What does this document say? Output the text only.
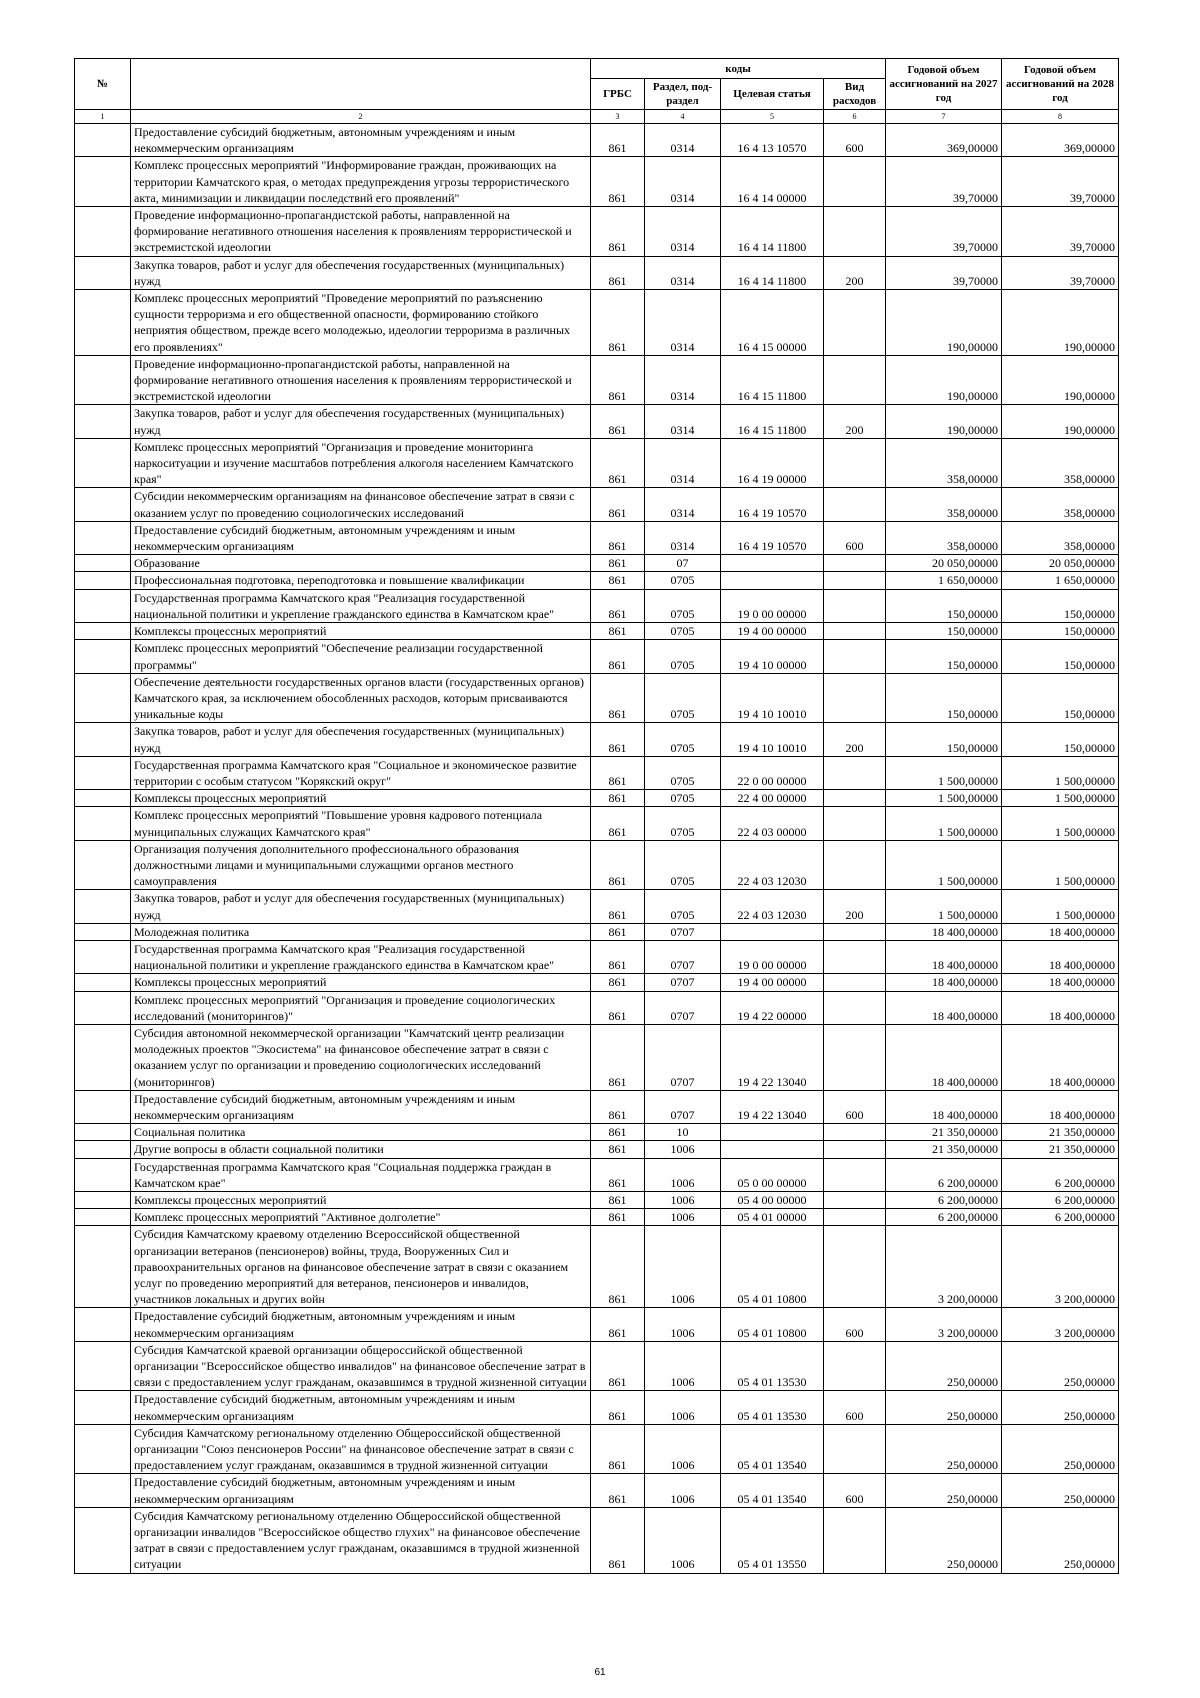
№		коды				Годовой объем ассигнований на 2027 год	Годовой объем ассигнований на 2028 год
		ГРБС	Раздел, под-раздел	Целевая статья	Вид расходов		
1	2	3	4	5	6	7	8
	Предоставление субсидий бюджетным, автономным учреждениям и иным некоммерческим организациям	861	0314	16 4 13 10570	600	369,00000	369,00000
	Комплекс процессных мероприятий "Информирование граждан, проживающих на территории Камчатского края, о методах предупреждения угрозы террористического акта, минимизации и ликвидации последствий его проявлений"	861	0314	16 4 14 00000		39,70000	39,70000
	Проведение информационно-пропагандистской работы, направленной на формирование негативного отношения населения к проявлениям террористической и экстремистской идеологии	861	0314	16 4 14 11800		39,70000	39,70000
	Закупка товаров, работ и услуг для обеспечения государственных (муниципальных) нужд	861	0314	16 4 14 11800	200	39,70000	39,70000
	Комплекс процессных мероприятий "Проведение мероприятий по разъяснению сущности терроризма и его общественной опасности, формированию стойкого неприятия обществом, прежде всего молодежью, идеологии терроризма в различных его проявлениях"	861	0314	16 4 15 00000		190,00000	190,00000
	Проведение информационно-пропагандистской работы, направленной на формирование негативного отношения населения к проявлениям террористической и экстремистской идеологии	861	0314	16 4 15 11800		190,00000	190,00000
	Закупка товаров, работ и услуг для обеспечения государственных (муниципальных) нужд	861	0314	16 4 15 11800	200	190,00000	190,00000
	Комплекс процессных мероприятий "Организация и проведение мониторинга наркоситуации и изучение масштабов потребления алкоголя населением Камчатского края"	861	0314	16 4 19 00000		358,00000	358,00000
	Субсидии некоммерческим организациям на финансовое обеспечение затрат в связи с оказанием услуг по проведению социологических исследований	861	0314	16 4 19 10570		358,00000	358,00000
	Предоставление субсидий бюджетным, автономным учреждениям и иным некоммерческим организациям	861	0314	16 4 19 10570	600	358,00000	358,00000
	Образование	861	07			20 050,00000	20 050,00000
	Профессиональная подготовка, переподготовка и повышение квалификации	861	0705			1 650,00000	1 650,00000
	Государственная программа Камчатского края "Реализация государственной национальной политики и укрепление гражданского единства в Камчатском крае"	861	0705	19 0 00 00000		150,00000	150,00000
	Комплексы процессных мероприятий	861	0705	19 4 00 00000		150,00000	150,00000
	Комплекс процессных мероприятий "Обеспечение реализации государственной программы"	861	0705	19 4 10 00000		150,00000	150,00000
	Обеспечение деятельности государственных органов власти (государственных органов) Камчатского края, за исключением обособленных расходов, которым присваиваются уникальные коды	861	0705	19 4 10 10010		150,00000	150,00000
	Закупка товаров, работ и услуг для обеспечения государственных (муниципальных) нужд	861	0705	19 4 10 10010	200	150,00000	150,00000
	Государственная программа Камчатского края "Социальное и экономическое развитие территории с особым статусом "Корякский округ"	861	0705	22 0 00 00000		1 500,00000	1 500,00000
	Комплексы процессных мероприятий	861	0705	22 4 00 00000		1 500,00000	1 500,00000
	Комплекс процессных мероприятий "Повышение уровня кадрового потенциала муниципальных служащих Камчатского края"	861	0705	22 4 03 00000		1 500,00000	1 500,00000
	Организация получения дополнительного профессионального образования должностными лицами и муниципальными служащими органов местного самоуправления	861	0705	22 4 03 12030		1 500,00000	1 500,00000
	Закупка товаров, работ и услуг для обеспечения государственных (муниципальных) нужд	861	0705	22 4 03 12030	200	1 500,00000	1 500,00000
	Молодежная политика	861	0707			18 400,00000	18 400,00000
	Государственная программа Камчатского края "Реализация государственной национальной политики и укрепление гражданского единства в Камчатском крае"	861	0707	19 0 00 00000		18 400,00000	18 400,00000
	Комплексы процессных мероприятий	861	0707	19 4 00 00000		18 400,00000	18 400,00000
	Комплекс процессных мероприятий "Организация и проведение социологических исследований (мониторингов)"	861	0707	19 4 22 00000		18 400,00000	18 400,00000
	Субсидия автономной некоммерческой организации "Камчатский центр реализации молодежных проектов "Экосистема" на финансовое обеспечение затрат в связи с оказанием услуг по организации и проведению социологических исследований (мониторингов)	861	0707	19 4 22 13040		18 400,00000	18 400,00000
	Предоставление субсидий бюджетным, автономным учреждениям и иным некоммерческим организациям	861	0707	19 4 22 13040	600	18 400,00000	18 400,00000
	Социальная политика	861	10			21 350,00000	21 350,00000
	Другие вопросы в области социальной политики	861	1006			21 350,00000	21 350,00000
	Государственная программа Камчатского края "Социальная поддержка граждан в Камчатском крае"	861	1006	05 0 00 00000		6 200,00000	6 200,00000
	Комплексы процессных мероприятий	861	1006	05 4 00 00000		6 200,00000	6 200,00000
	Комплекс процессных мероприятий "Активное долголетие"	861	1006	05 4 01 00000		6 200,00000	6 200,00000
	Субсидия Камчатскому краевому отделению Всероссийской общественной организации ветеранов (пенсионеров) войны, труда, Вооруженных Сил и правоохранительных органов на финансовое обеспечение затрат в связи с оказанием услуг по проведению мероприятий для ветеранов, пенсионеров и инвалидов, участников локальных и других войн	861	1006	05 4 01 10800		3 200,00000	3 200,00000
	Предоставление субсидий бюджетным, автономным учреждениям и иным некоммерческим организациям	861	1006	05 4 01 10800	600	3 200,00000	3 200,00000
	Субсидия Камчатской краевой организации общероссийской общественной организации "Всероссийское общество инвалидов" на финансовое обеспечение затрат в связи с предоставлением услуг гражданам, оказавшимся в трудной жизненной ситуации	861	1006	05 4 01 13530		250,00000	250,00000
	Предоставление субсидий бюджетным, автономным учреждениям и иным некоммерческим организациям	861	1006	05 4 01 13530	600	250,00000	250,00000
	Субсидия Камчатскому региональному отделению Общероссийской общественной организации "Союз пенсионеров России" на финансовое обеспечение затрат в связи с предоставлением услуг гражданам, оказавшимся в трудной жизненной ситуации	861	1006	05 4 01 13540		250,00000	250,00000
	Предоставление субсидий бюджетным, автономным учреждениям и иным некоммерческим организациям	861	1006	05 4 01 13540	600	250,00000	250,00000
	Субсидия Камчатскому региональному отделению Общероссийской общественной организации инвалидов "Всероссийское общество глухих" на финансовое обеспечение затрат в связи с предоставлением услуг гражданам, оказавшимся в трудной жизненной ситуации	861	1006	05 4 01 13550		250,00000	250,00000
61
